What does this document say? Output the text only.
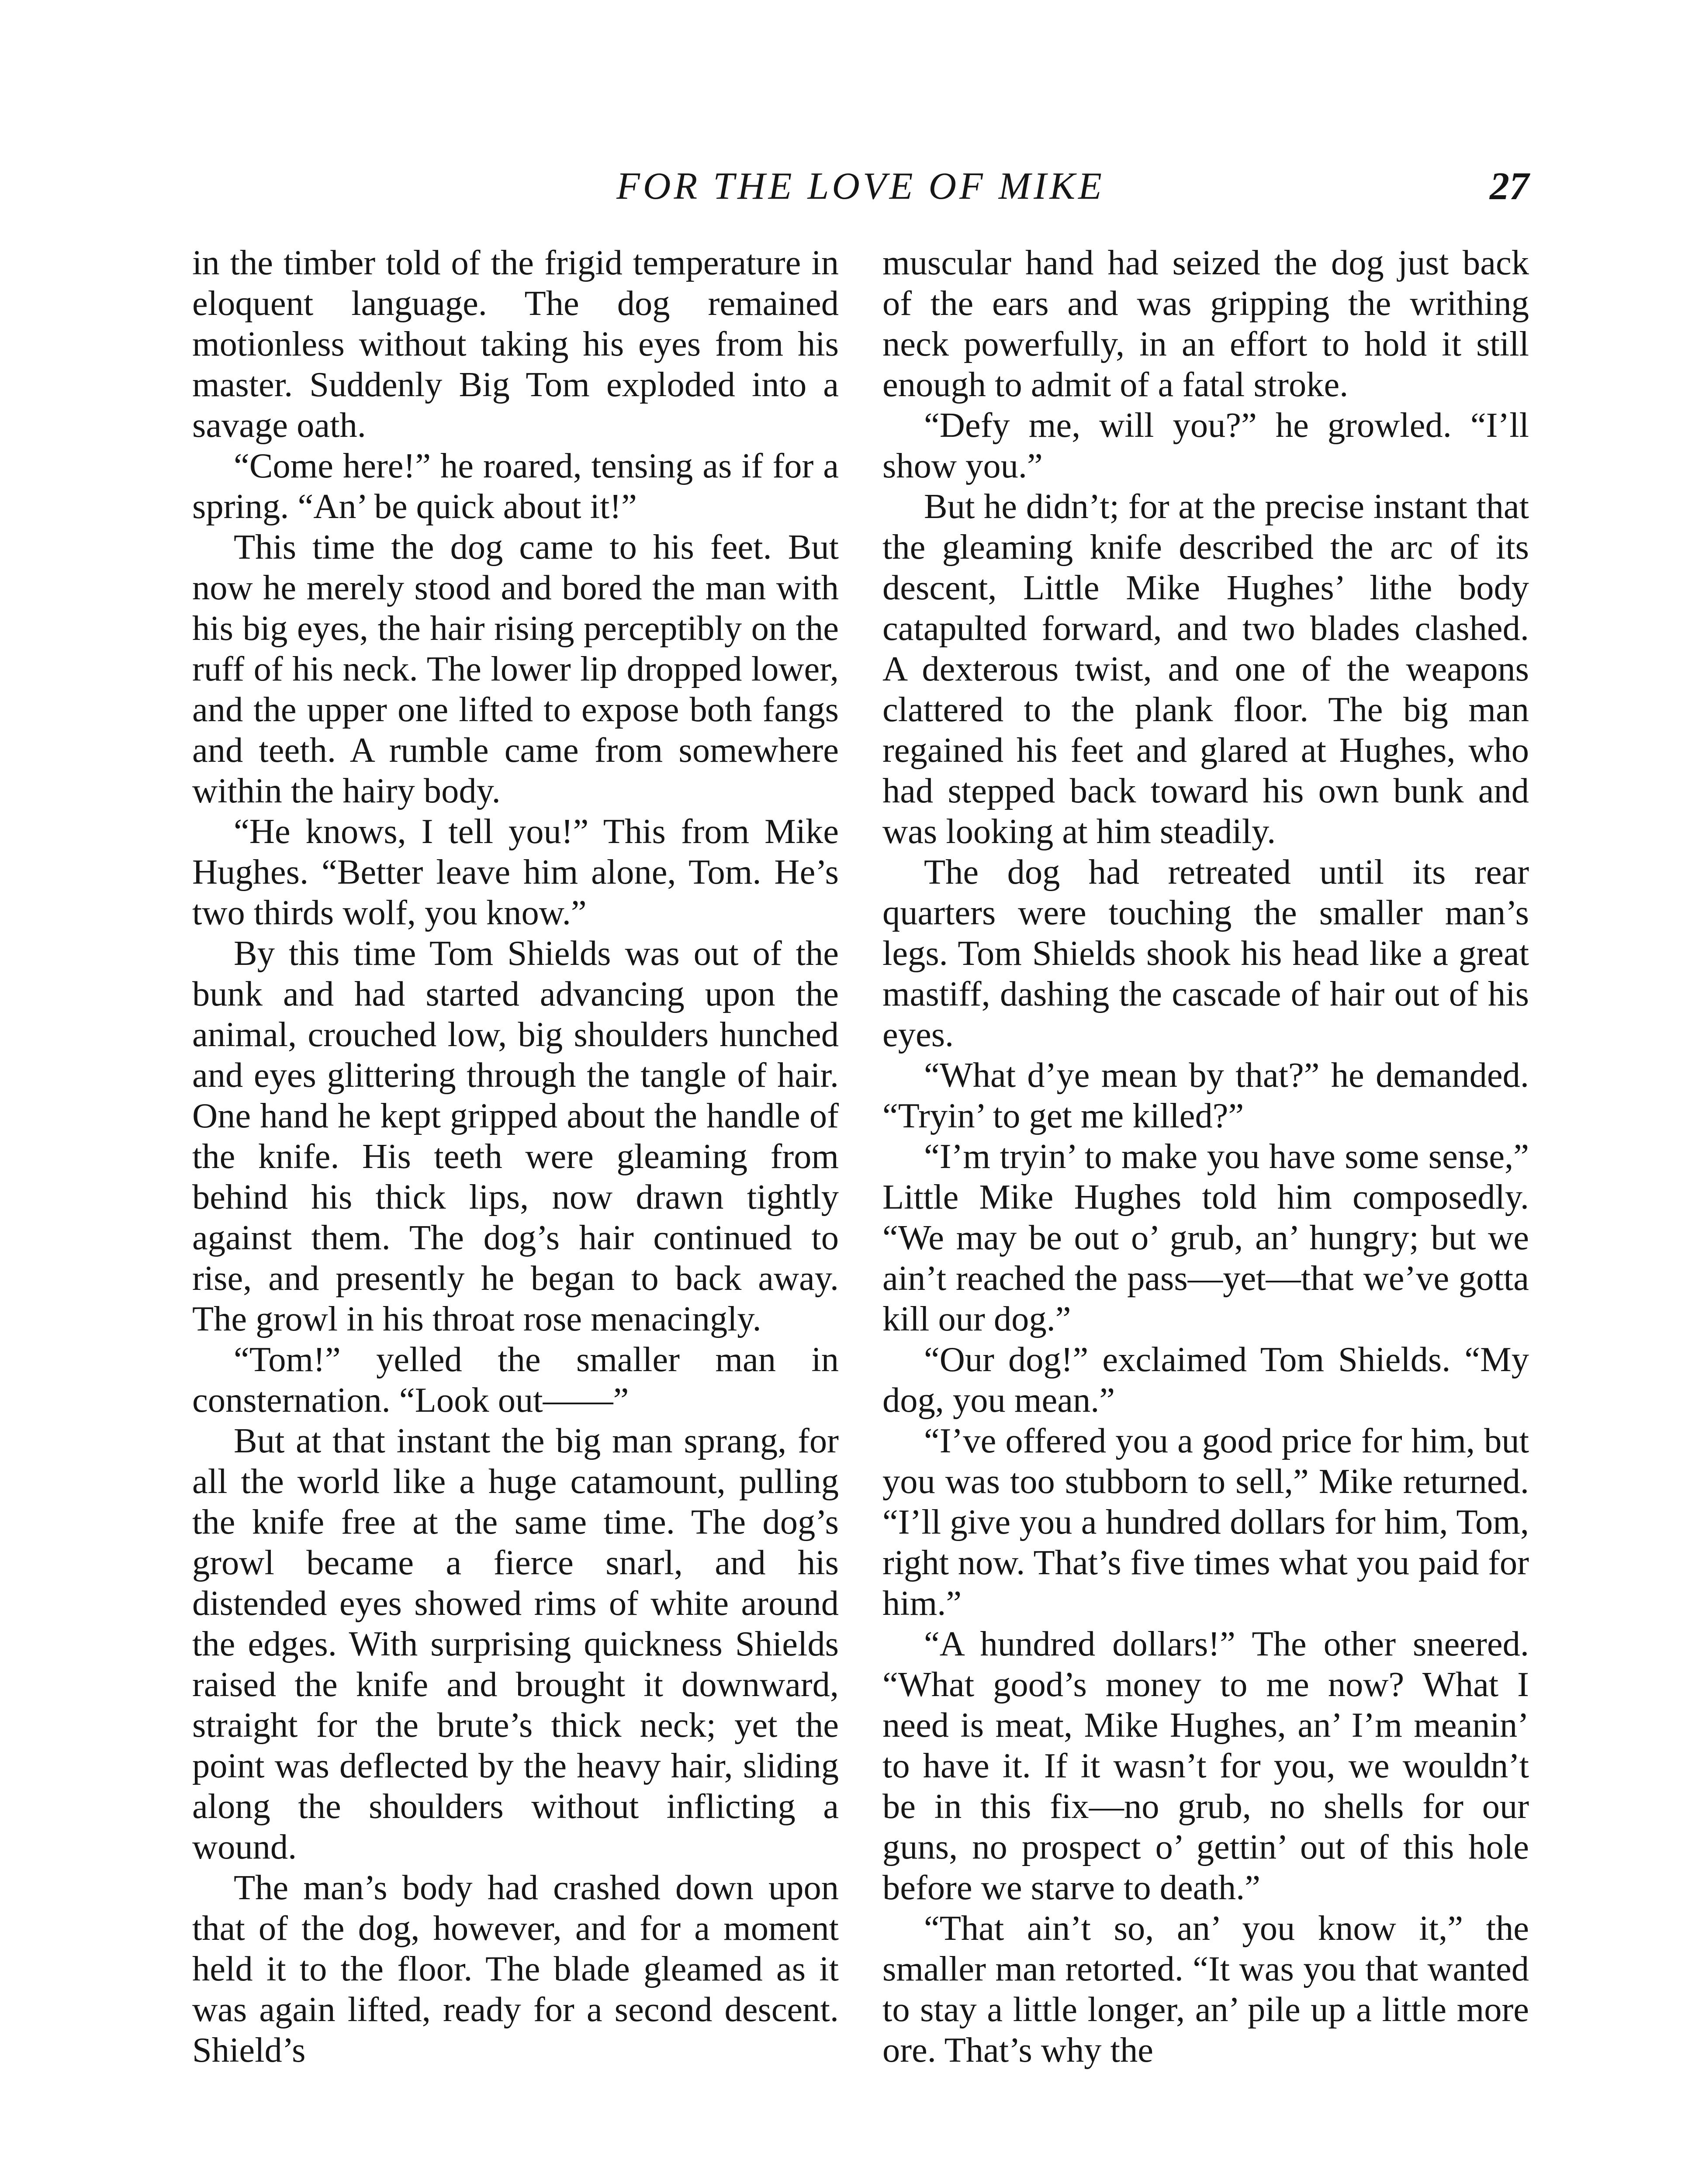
FOR THE LOVE OF MIKE	27

in the timber told of the frigid temperature in eloquent language. The dog remained motionless without taking his eyes from his master. Suddenly Big Tom exploded into a savage oath.

“Come here!” he roared, tensing as if for a spring. “An’ be quick about it!”

This time the dog came to his feet. But now he merely stood and bored the man with his big eyes, the hair rising perceptibly on the ruff of his neck. The lower lip dropped lower, and the upper one lifted to expose both fangs and teeth. A rumble came from somewhere within the hairy body.

“He knows, I tell you!” This from Mike Hughes. “Better leave him alone, Tom. He’s two thirds wolf, you know.”

By this time Tom Shields was out of the bunk and had started advancing upon the animal, crouched low, big shoulders hunched and eyes glittering through the tangle of hair. One hand he kept gripped about the handle of the knife. His teeth were gleaming from behind his thick lips, now drawn tightly against them. The dog’s hair continued to rise, and presently he began to back away. The growl in his throat rose menacingly.

“Tom!” yelled the smaller man in consternation. “Look out——”

But at that instant the big man sprang, for all the world like a huge catamount, pulling the knife free at the same time. The dog’s growl became a fierce snarl, and his distended eyes showed rims of white around the edges. With surprising quickness Shields raised the knife and brought it downward, straight for the brute’s thick neck; yet the point was deflected by the heavy hair, sliding along the shoulders without inflicting a wound.

The man’s body had crashed down upon that of the dog, however, and for a moment held it to the floor. The blade gleamed as it was again lifted, ready for a second descent. Shield’s

muscular hand had seized the dog just back of the ears and was gripping the writhing neck powerfully, in an effort to hold it still enough to admit of a fatal stroke.

“Defy me, will you?” he growled. “I’ll show you.”

But he didn’t; for at the precise instant that the gleaming knife described the arc of its descent, Little Mike Hughes’ lithe body catapulted forward, and two blades clashed. A dexterous twist, and one of the weapons clattered to the plank floor. The big man regained his feet and glared at Hughes, who had stepped back toward his own bunk and was looking at him steadily.

The dog had retreated until its rear quarters were touching the smaller man’s legs. Tom Shields shook his head like a great mastiff, dashing the cascade of hair out of his eyes.

“What d’ye mean by that?” he demanded. “Tryin’ to get me killed?”

“I’m tryin’ to make you have some sense,” Little Mike Hughes told him composedly. “We may be out o’ grub, an’ hungry; but we ain’t reached the pass—yet—that we’ve gotta kill our dog.”

“Our dog!” exclaimed Tom Shields. “My dog, you mean.”

“I’ve offered you a good price for him, but you was too stubborn to sell,” Mike returned. “I’ll give you a hundred dollars for him, Tom, right now. That’s five times what you paid for him.”

“A hundred dollars!” The other sneered. “What good’s money to me now? What I need is meat, Mike Hughes, an’ I’m meanin’ to have it. If it wasn’t for you, we wouldn’t be in this fix—no grub, no shells for our guns, no prospect o’ gettin’ out of this hole before we starve to death.”

“That ain’t so, an’ you know it,” the smaller man retorted. “It was you that wanted to stay a little longer, an’ pile up a little more ore. That’s why the
